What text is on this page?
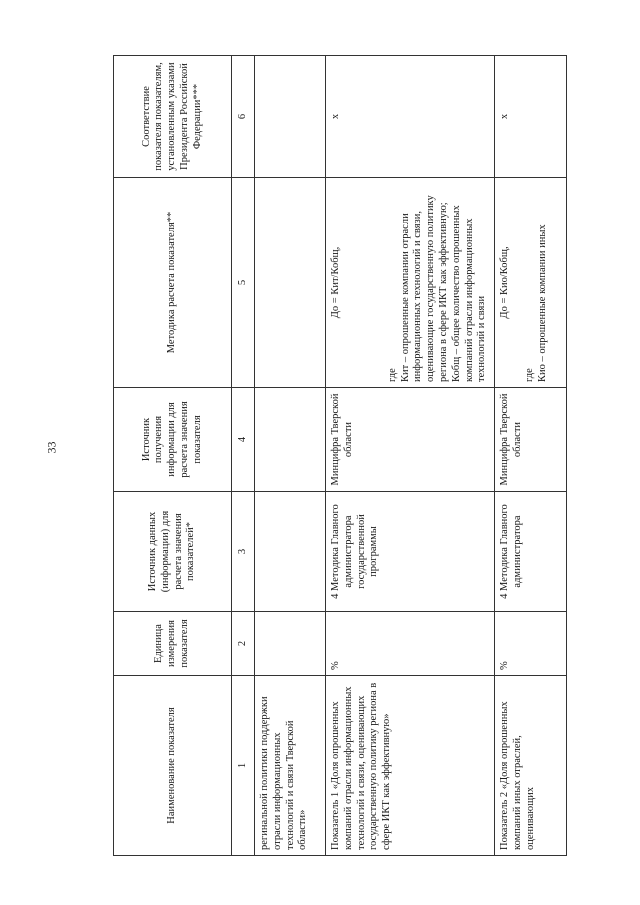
33
Наименование показателя	Единица измерения показателя	Источник данных (информации) для расчета значения показателей*	Источник получения информации для расчета значения показателя	Методика расчета показателя**	Соответствие показателя показателям, установленным указами Президента Российской Федерации***
1	2	3	4	5	6
регинальной политики поддержки отрасли информационных технологий и связи Тверской области»				

Показатель 1 «Доля опрошенных компаний отрасли информационных технологий и связи, оценивающих государственную политику региона в сфере ИКТ как эффективную»	%	4 Методика Главного администратора государственной программы	Минцифра Тверской области	До = Кит/Кобщ,
где Кит – опрошенные компании отрасли информационных технологий и связи, оценивающие государственную политику региона в сфере ИКТ как эффективную; Кобщ – общее количество опрошенных компаний отрасли информационных технологий и связи	х
Показатель 2 «Доля опрошенных компаний иных отраслей, оценивающих	%	4 Методика Главного администратора	Минцифра Тверской области	До = Кио/Кобщ,
где Кио – опрошенные компании иных	х
